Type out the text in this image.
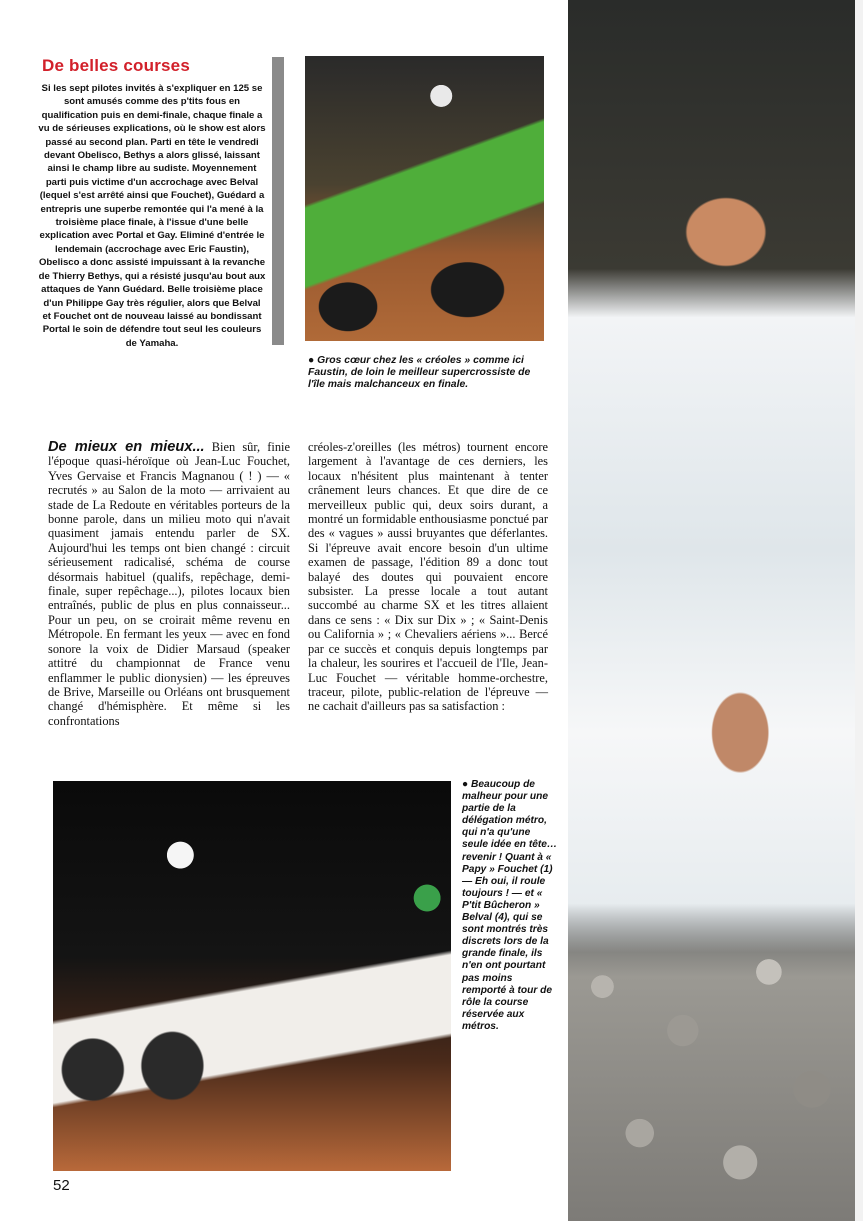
De belles courses
Si les sept pilotes invités à s'expliquer en 125 se sont amusés comme des p'tits fous en qualification puis en demi-finale, chaque finale a vu de sérieuses explications, où le show est alors passé au second plan. Parti en tête le vendredi devant Obelisco, Bethys a alors glissé, laissant ainsi le champ libre au sudiste. Moyennement parti puis victime d'un accrochage avec Belval (lequel s'est arrêté ainsi que Fouchet), Guédard a entrepris une superbe remontée qui l'a mené à la troisième place finale, à l'issue d'une belle explication avec Portal et Gay. Eliminé d'entrée le lendemain (accrochage avec Eric Faustin), Obelisco a donc assisté impuissant à la revanche de Thierry Bethys, qui a résisté jusqu'au bout aux attaques de Yann Guédard. Belle troisième place d'un Philippe Gay très régulier, alors que Belval et Fouchet ont de nouveau laissé au bondissant Portal le soin de défendre tout seul les couleurs de Yamaha.
● Gros cœur chez les « créoles » comme ici Faustin, de loin le meilleur supercrossiste de l'île mais malchanceux en finale.
● Beaucoup de malheur pour une partie de la délégation métro, qui n'a qu'une seule idée en tête… revenir ! Quant à « Papy » Fouchet (1) — Eh oui, il roule toujours ! — et « P'tit Bûcheron » Belval (4), qui se sont montrés très discrets lors de la grande finale, ils n'en ont pourtant pas moins remporté à tour de rôle la course réservée aux métros.
De mieux en mieux... Bien sûr, finie l'époque quasi-héroïque où Jean-Luc Fouchet, Yves Gervaise et Francis Magnanou ( ! ) — « recrutés » au Salon de la moto — arrivaient au stade de La Redoute en véritables porteurs de la bonne parole, dans un milieu moto qui n'avait quasiment jamais entendu parler de SX. Aujourd'hui les temps ont bien changé : circuit sérieusement radicalisé, schéma de course désormais habituel (qualifs, repêchage, demi-finale, super repêchage...), pilotes locaux bien entraînés, public de plus en plus connaisseur... Pour un peu, on se croirait même revenu en Métropole. En fermant les yeux — avec en fond sonore la voix de Didier Marsaud (speaker attitré du championnat de France venu enflammer le public dionysien) — les épreuves de Brive, Marseille ou Orléans ont brusquement changé d'hémisphère. Et même si les confrontations
créoles-z'oreilles (les métros) tournent encore largement à l'avantage de ces derniers, les locaux n'hésitent plus maintenant à tenter crânement leurs chances. Et que dire de ce merveilleux public qui, deux soirs durant, a montré un formidable enthousiasme ponctué par des « vagues » aussi bruyantes que déferlantes. Si l'épreuve avait encore besoin d'un ultime examen de passage, l'édition 89 a donc tout balayé des doutes qui pouvaient encore subsister. La presse locale a tout autant succombé au charme SX et les titres allaient dans ce sens : « Dix sur Dix » ; « Saint-Denis ou California » ; « Chevaliers aériens »... Bercé par ce succès et conquis depuis longtemps par la chaleur, les sourires et l'accueil de l'Ile, Jean-Luc Fouchet — véritable homme-orchestre, traceur, pilote, public-relation de l'épreuve — ne cachait d'ailleurs pas sa satisfaction :
52
